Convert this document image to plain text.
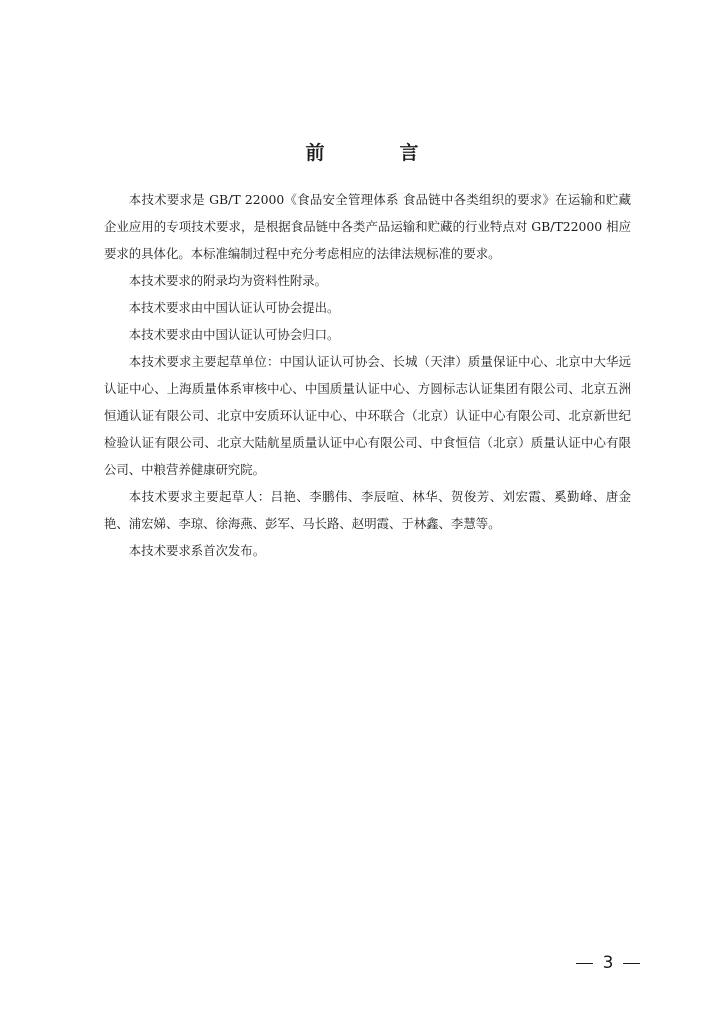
前　言

本技术要求是 GB/T 22000《食品安全管理体系 食品链中各类组织的要求》在运输和贮藏企业应用的专项技术要求，是根据食品链中各类产品运输和贮藏的行业特点对 GB/T22000 相应要求的具体化。本标准编制过程中充分考虑相应的法律法规标准的要求。

本技术要求的附录均为资料性附录。

本技术要求由中国认证认可协会提出。

本技术要求由中国认证认可协会归口。

本技术要求主要起草单位：中国认证认可协会、长城（天津）质量保证中心、北京中大华远认证中心、上海质量体系审核中心、中国质量认证中心、方圆标志认证集团有限公司、北京五洲恒通认证有限公司、北京中安质环认证中心、中环联合（北京）认证中心有限公司、北京新世纪检验认证有限公司、北京大陆航星质量认证中心有限公司、中食恒信（北京）质量认证中心有限公司、中粮营养健康研究院。

本技术要求主要起草人：吕艳、李鹏伟、李辰喧、林华、贺俊芳、刘宏霞、奚勤峰、唐金艳、浦宏娣、李琼、徐海燕、彭军、马长路、赵明霞、于林鑫、李慧等。

本技术要求系首次发布。

3
